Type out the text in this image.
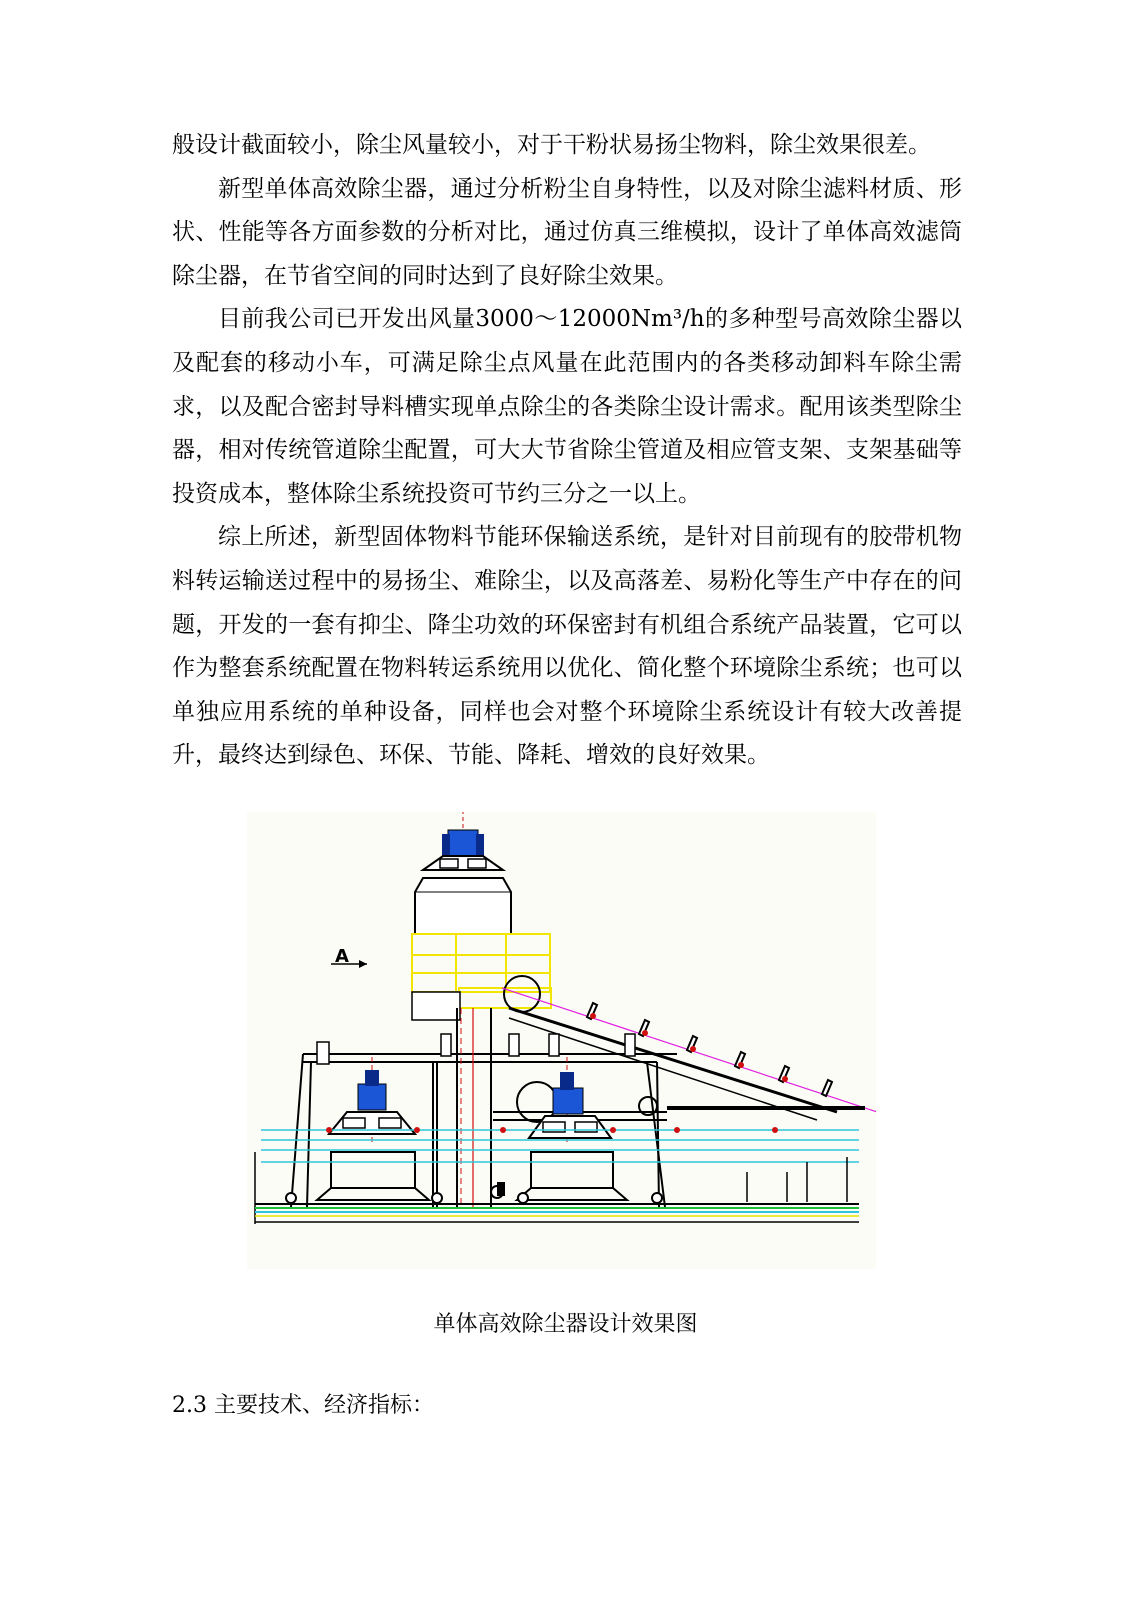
般设计截面较小，除尘风量较小，对于干粉状易扬尘物料，除尘效果很差。

新型单体高效除尘器，通过分析粉尘自身特性，以及对除尘滤料材质、形状、性能等各方面参数的分析对比，通过仿真三维模拟，设计了单体高效滤筒除尘器，在节省空间的同时达到了良好除尘效果。

目前我公司已开发出风量3000～12000Nm³/h的多种型号高效除尘器以及配套的移动小车，可满足除尘点风量在此范围内的各类移动卸料车除尘需求，以及配合密封导料槽实现单点除尘的各类除尘设计需求。配用该类型除尘器，相对传统管道除尘配置，可大大节省除尘管道及相应管支架、支架基础等投资成本，整体除尘系统投资可节约三分之一以上。

综上所述，新型固体物料节能环保输送系统，是针对目前现有的胶带机物料转运输送过程中的易扬尘、难除尘，以及高落差、易粉化等生产中存在的问题，开发的一套有抑尘、降尘功效的环保密封有机组合系统产品装置，它可以作为整套系统配置在物料转运系统用以优化、简化整个环境除尘系统；也可以单独应用系统的单种设备，同样也会对整个环境除尘系统设计有较大改善提升，最终达到绿色、环保、节能、降耗、增效的良好效果。

A
单体高效除尘器设计效果图
2.3 主要技术、经济指标：
